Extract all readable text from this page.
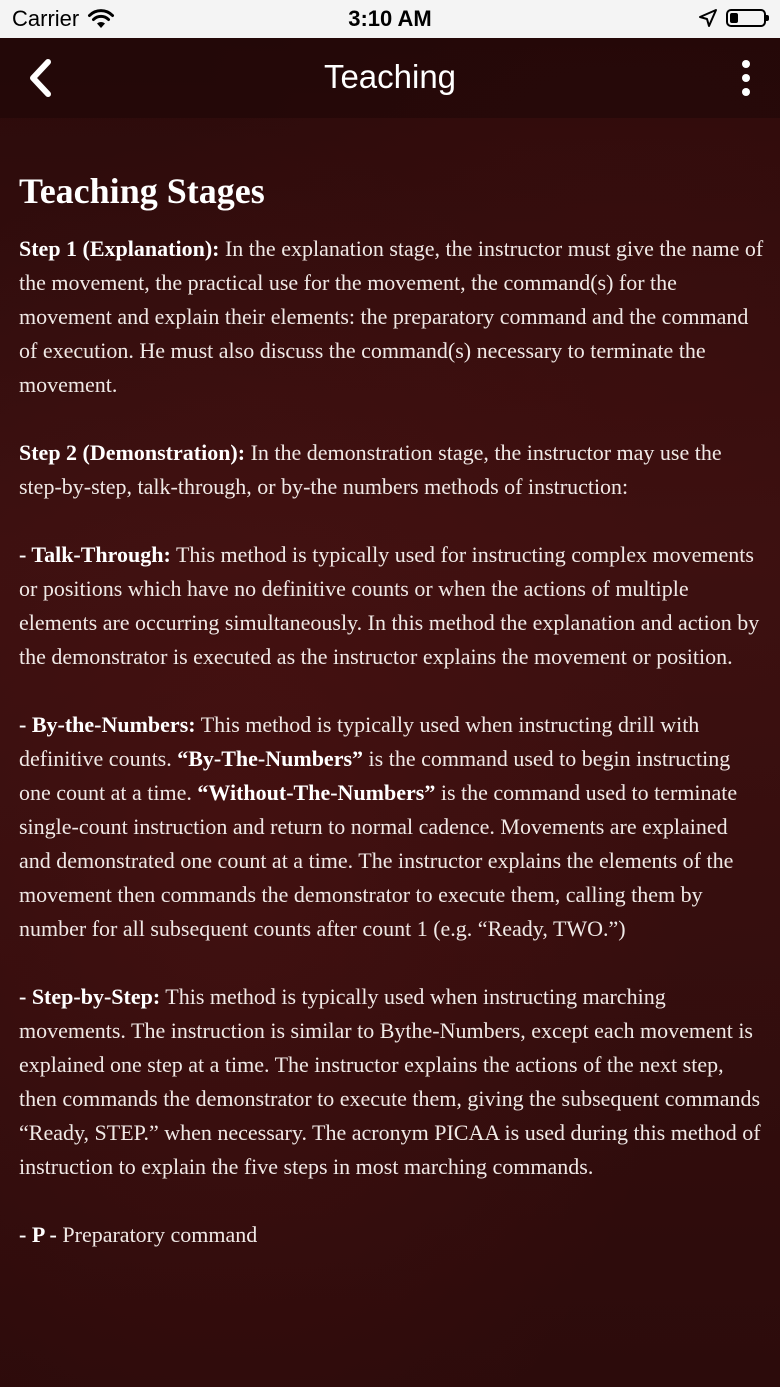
Carrier	3:10 AM
Teaching
Teaching Stages

Step 1 (Explanation): In the explanation stage, the instructor must give the name of the movement, the practical use for the movement, the command(s) for the movement and explain their elements: the preparatory command and the command of execution. He must also discuss the command(s) necessary to terminate the movement.

Step 2 (Demonstration): In the demonstration stage, the instructor may use the step-by-step, talk-through, or by-the numbers methods of instruction:

- Talk-Through: This method is typically used for instructing complex movements or positions which have no definitive counts or when the actions of multiple elements are occurring simultaneously. In this method the explanation and action by the demonstrator is executed as the instructor explains the movement or position.

- By-the-Numbers: This method is typically used when instructing drill with definitive counts. “By-The-Numbers” is the command used to begin instructing one count at a time. “Without-The-Numbers” is the command used to terminate single-count instruction and return to normal cadence. Movements are explained and demonstrated one count at a time. The instructor explains the elements of the movement then commands the demonstrator to execute them, calling them by number for all subsequent counts after count 1 (e.g. “Ready, TWO.”)

- Step-by-Step: This method is typically used when instructing marching movements. The instruction is similar to Bythe-Numbers, except each movement is explained one step at a time. The instructor explains the actions of the next step, then commands the demonstrator to execute them, giving the subsequent commands “Ready, STEP.” when necessary. The acronym PICAA is used during this method of instruction to explain the five steps in most marching commands.

- P - Preparatory command
